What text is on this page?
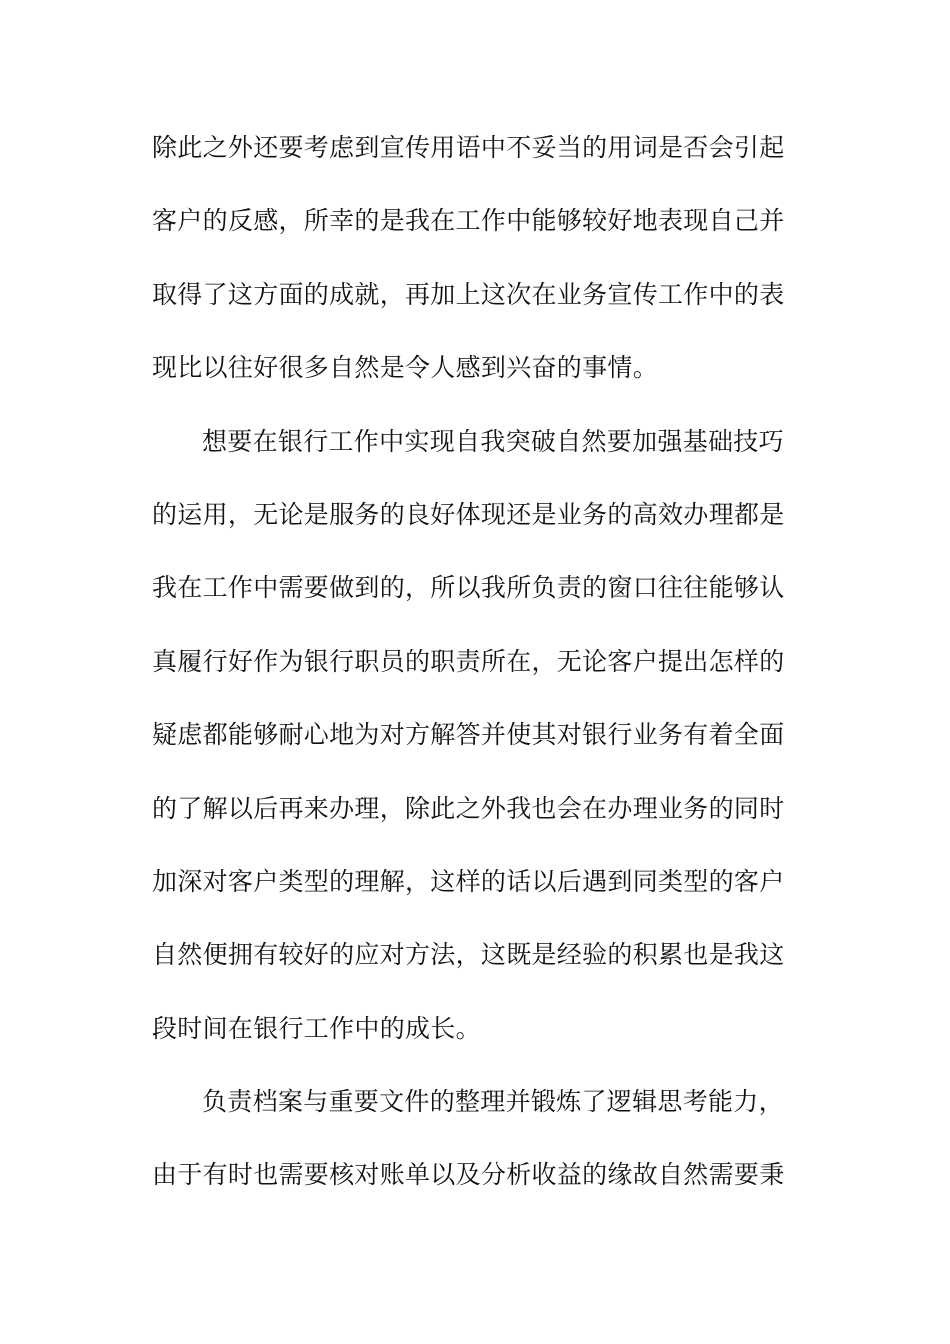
除此之外还要考虑到宣传用语中不妥当的用词是否会引起
客户的反感，所幸的是我在工作中能够较好地表现自己并
取得了这方面的成就，再加上这次在业务宣传工作中的表
现比以往好很多自然是令人感到兴奋的事情。
想要在银行工作中实现自我突破自然要加强基础技巧
的运用，无论是服务的良好体现还是业务的高效办理都是
我在工作中需要做到的，所以我所负责的窗口往往能够认
真履行好作为银行职员的职责所在，无论客户提出怎样的
疑虑都能够耐心地为对方解答并使其对银行业务有着全面
的了解以后再来办理，除此之外我也会在办理业务的同时
加深对客户类型的理解，这样的话以后遇到同类型的客户
自然便拥有较好的应对方法，这既是经验的积累也是我这
段时间在银行工作中的成长。
负责档案与重要文件的整理并锻炼了逻辑思考能力，
由于有时也需要核对账单以及分析收益的缘故自然需要秉
